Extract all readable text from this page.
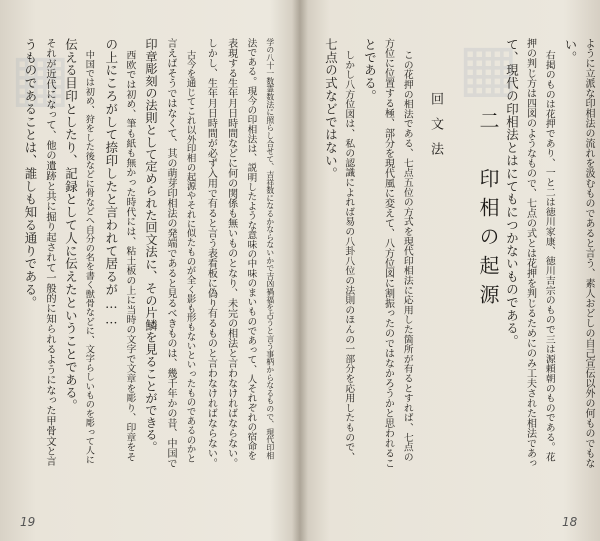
▦	学の八十一数霊数法に照らし合せて、吉祥数になるかならないかで吉凶禍福を占うと言う事柄からなるもので、現代印相
法である。現今の印相法は、説明したような意味の中味のまいものであって、人それぞれの宿命を
表現する生年月日時間などに何の関係も無いものとなり、未完の相法と言わなければならない。
しかし、生年月日時間が必ず入用で有ると言う表看板に偽り有るものと言わなければならない。
古今を通じてこれ以外印相の起源やそれに似たものが全く影も形もないといったものであるのかと
言えばそうではなくて、其の萌芽印相法の発端であると見るべきものは、幾千年かの昔、中国で
印章彫刻の法則として定められた回文法に、その片鱗を見ることができる。
西欧では初め、筆も紙も無かった時代には、粘土板の上に当時の文字で文章を彫り、印章をそ
の上にころがして捺印したと言われて居るが……
中国では初め、狩をした後などに骨などへ自分の名を書く獣骨などに、文字らしいものを彫って人に
伝える目印としたり、記録として人に伝えたということである。
それが近代になって、他の遺跡と共に掘り起されて一般的に知られるようになった甲骨文と言
うものであることは、誰しも知る通りである。	▦	ように立派な印相法の流れを汲むものであると言う、素人おどしの自己宣伝以外の何ものでもな
い。
右掲のものは花押であり、一と二は徳川家康、徳川吉宗のもので三は源頼朝のものである。花
押の判じ方は四図のようなもので、七点の式とは花押を判じるためにのみ工夫された相法であっ
て、現代の印相法とはにてもにつかないものである。
二　印相の起源
回文法
この花押の相法である、七点五位の方式を現代印相法に応用した箇所が有るとすれば、七点の
方位に位置する極、部分を現代風に変えて、八方位図に割振ったのではなかろうかと思われるこ
とである。
しかし八方位図は、私の認識によれば易の八卦八位の法則のほんの一部分を応用したもので、
七点の式などではない。
19	18
